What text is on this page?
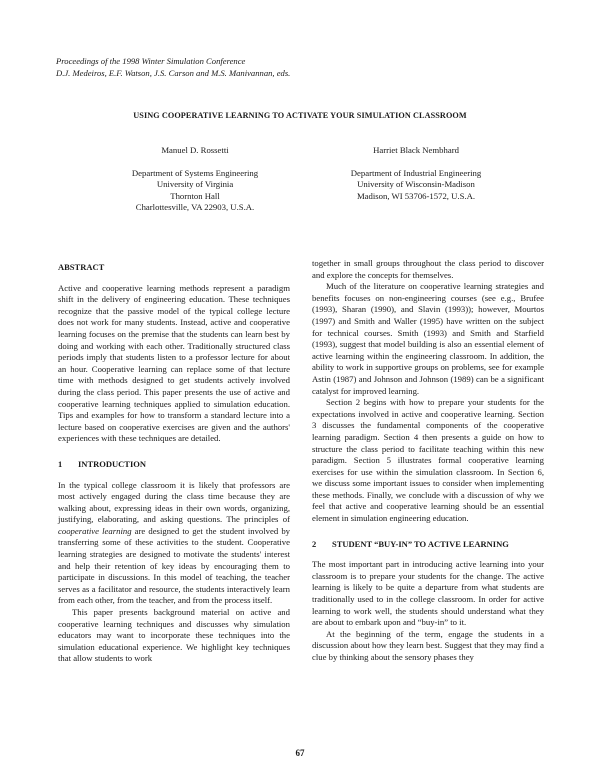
Proceedings of the 1998 Winter Simulation Conference
D.J. Medeiros, E.F. Watson, J.S. Carson and M.S. Manivannan, eds.
USING COOPERATIVE LEARNING TO ACTIVATE YOUR SIMULATION CLASSROOM
Manuel D. Rossetti
Department of Systems Engineering
University of Virginia
Thornton Hall
Charlottesville, VA 22903, U.S.A.
Harriet Black Nembhard
Department of Industrial Engineering
University of Wisconsin-Madison
Madison, WI 53706-1572, U.S.A.
ABSTRACT

Active and cooperative learning methods represent a paradigm shift in the delivery of engineering education. These techniques recognize that the passive model of the typical college lecture does not work for many students. Instead, active and cooperative learning focuses on the premise that the students can learn best by doing and working with each other. Traditionally structured class periods imply that students listen to a professor lecture for about an hour. Cooperative learning can replace some of that lecture time with methods designed to get students actively involved during the class period. This paper presents the use of active and cooperative learning techniques applied to simulation education. Tips and examples for how to transform a standard lecture into a lecture based on cooperative exercises are given and the authors' experiences with these techniques are detailed.

1 INTRODUCTION

In the typical college classroom it is likely that professors are most actively engaged during the class time because they are walking about, expressing ideas in their own words, organizing, justifying, elaborating, and asking questions. The principles of cooperative learning are designed to get the student involved by transferring some of these activities to the student. Cooperative learning strategies are designed to motivate the students' interest and help their retention of key ideas by encouraging them to participate in discussions. In this model of teaching, the teacher serves as a facilitator and resource, the students interactively learn from each other, from the teacher, and from the process itself.

This paper presents background material on active and cooperative learning techniques and discusses why simulation educators may want to incorporate these techniques into the simulation educational experience. We highlight key techniques that allow students to work

together in small groups throughout the class period to discover and explore the concepts for themselves.

Much of the literature on cooperative learning strategies and benefits focuses on non-engineering courses (see e.g., Brufee (1993), Sharan (1990), and Slavin (1993)); however, Mourtos (1997) and Smith and Waller (1995) have written on the subject for technical courses. Smith (1993) and Smith and Starfield (1993), suggest that model building is also an essential element of active learning within the engineering classroom. In addition, the ability to work in supportive groups on problems, see for example Astin (1987) and Johnson and Johnson (1989) can be a significant catalyst for improved learning.

Section 2 begins with how to prepare your students for the expectations involved in active and cooperative learning. Section 3 discusses the fundamental components of the cooperative learning paradigm. Section 4 then presents a guide on how to structure the class period to facilitate teaching within this new paradigm. Section 5 illustrates formal cooperative learning exercises for use within the simulation classroom. In Section 6, we discuss some important issues to consider when implementing these methods. Finally, we conclude with a discussion of why we feel that active and cooperative learning should be an essential element in simulation engineering education.

2 STUDENT “BUY-IN” TO ACTIVE LEARNING

The most important part in introducing active learning into your classroom is to prepare your students for the change. The active learning is likely to be quite a departure from what students are traditionally used to in the college classroom. In order for active learning to work well, the students should understand what they are about to embark upon and “buy-in” to it.

At the beginning of the term, engage the students in a discussion about how they learn best. Suggest that they may find a clue by thinking about the sensory phases they

67
